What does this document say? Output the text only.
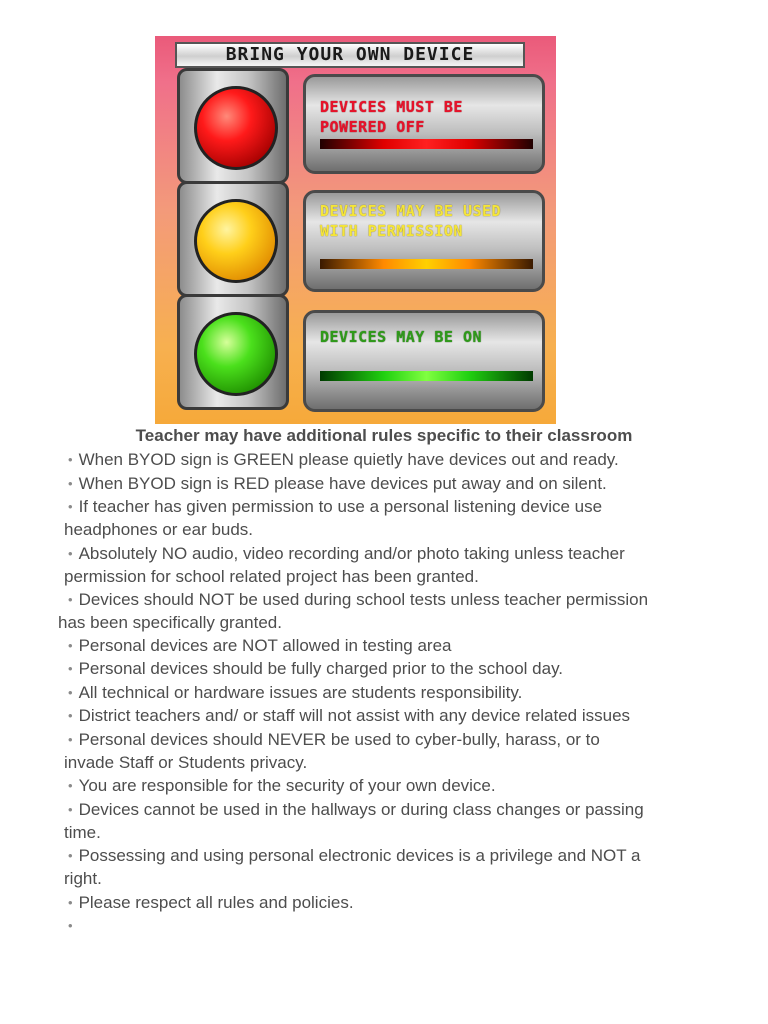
BRING YOUR OWN DEVICE
DEVICES MUST BE POWERED OFF
DEVICES MAY BE USED WITH PERMISSION
DEVICES MAY BE ON
Teacher may have additional rules specific to their classroom
• When BYOD sign is GREEN please quietly have devices out and ready.
• When BYOD sign is RED please have devices put away and on silent.
• If teacher has given permission to use a personal listening device use
headphones or ear buds.
• Absolutely NO audio, video recording and/or photo taking unless teacher
permission for school related project has been granted.
• Devices should NOT be used during school tests unless teacher permission
has been specifically granted.
• Personal devices are NOT allowed in testing area
• Personal devices should be fully charged prior to the school day.
• All technical or hardware issues are students responsibility.
• District teachers and/ or staff will not assist with any device related issues
• Personal devices should NEVER be used to cyber-bully, harass, or to
invade Staff or Students privacy.
• You are responsible for the security of your own device.
• Devices cannot be used in the hallways or during class changes or passing
time.
• Possessing and using personal electronic devices is a privilege and NOT a
right.
• Please respect all rules and policies.
•
